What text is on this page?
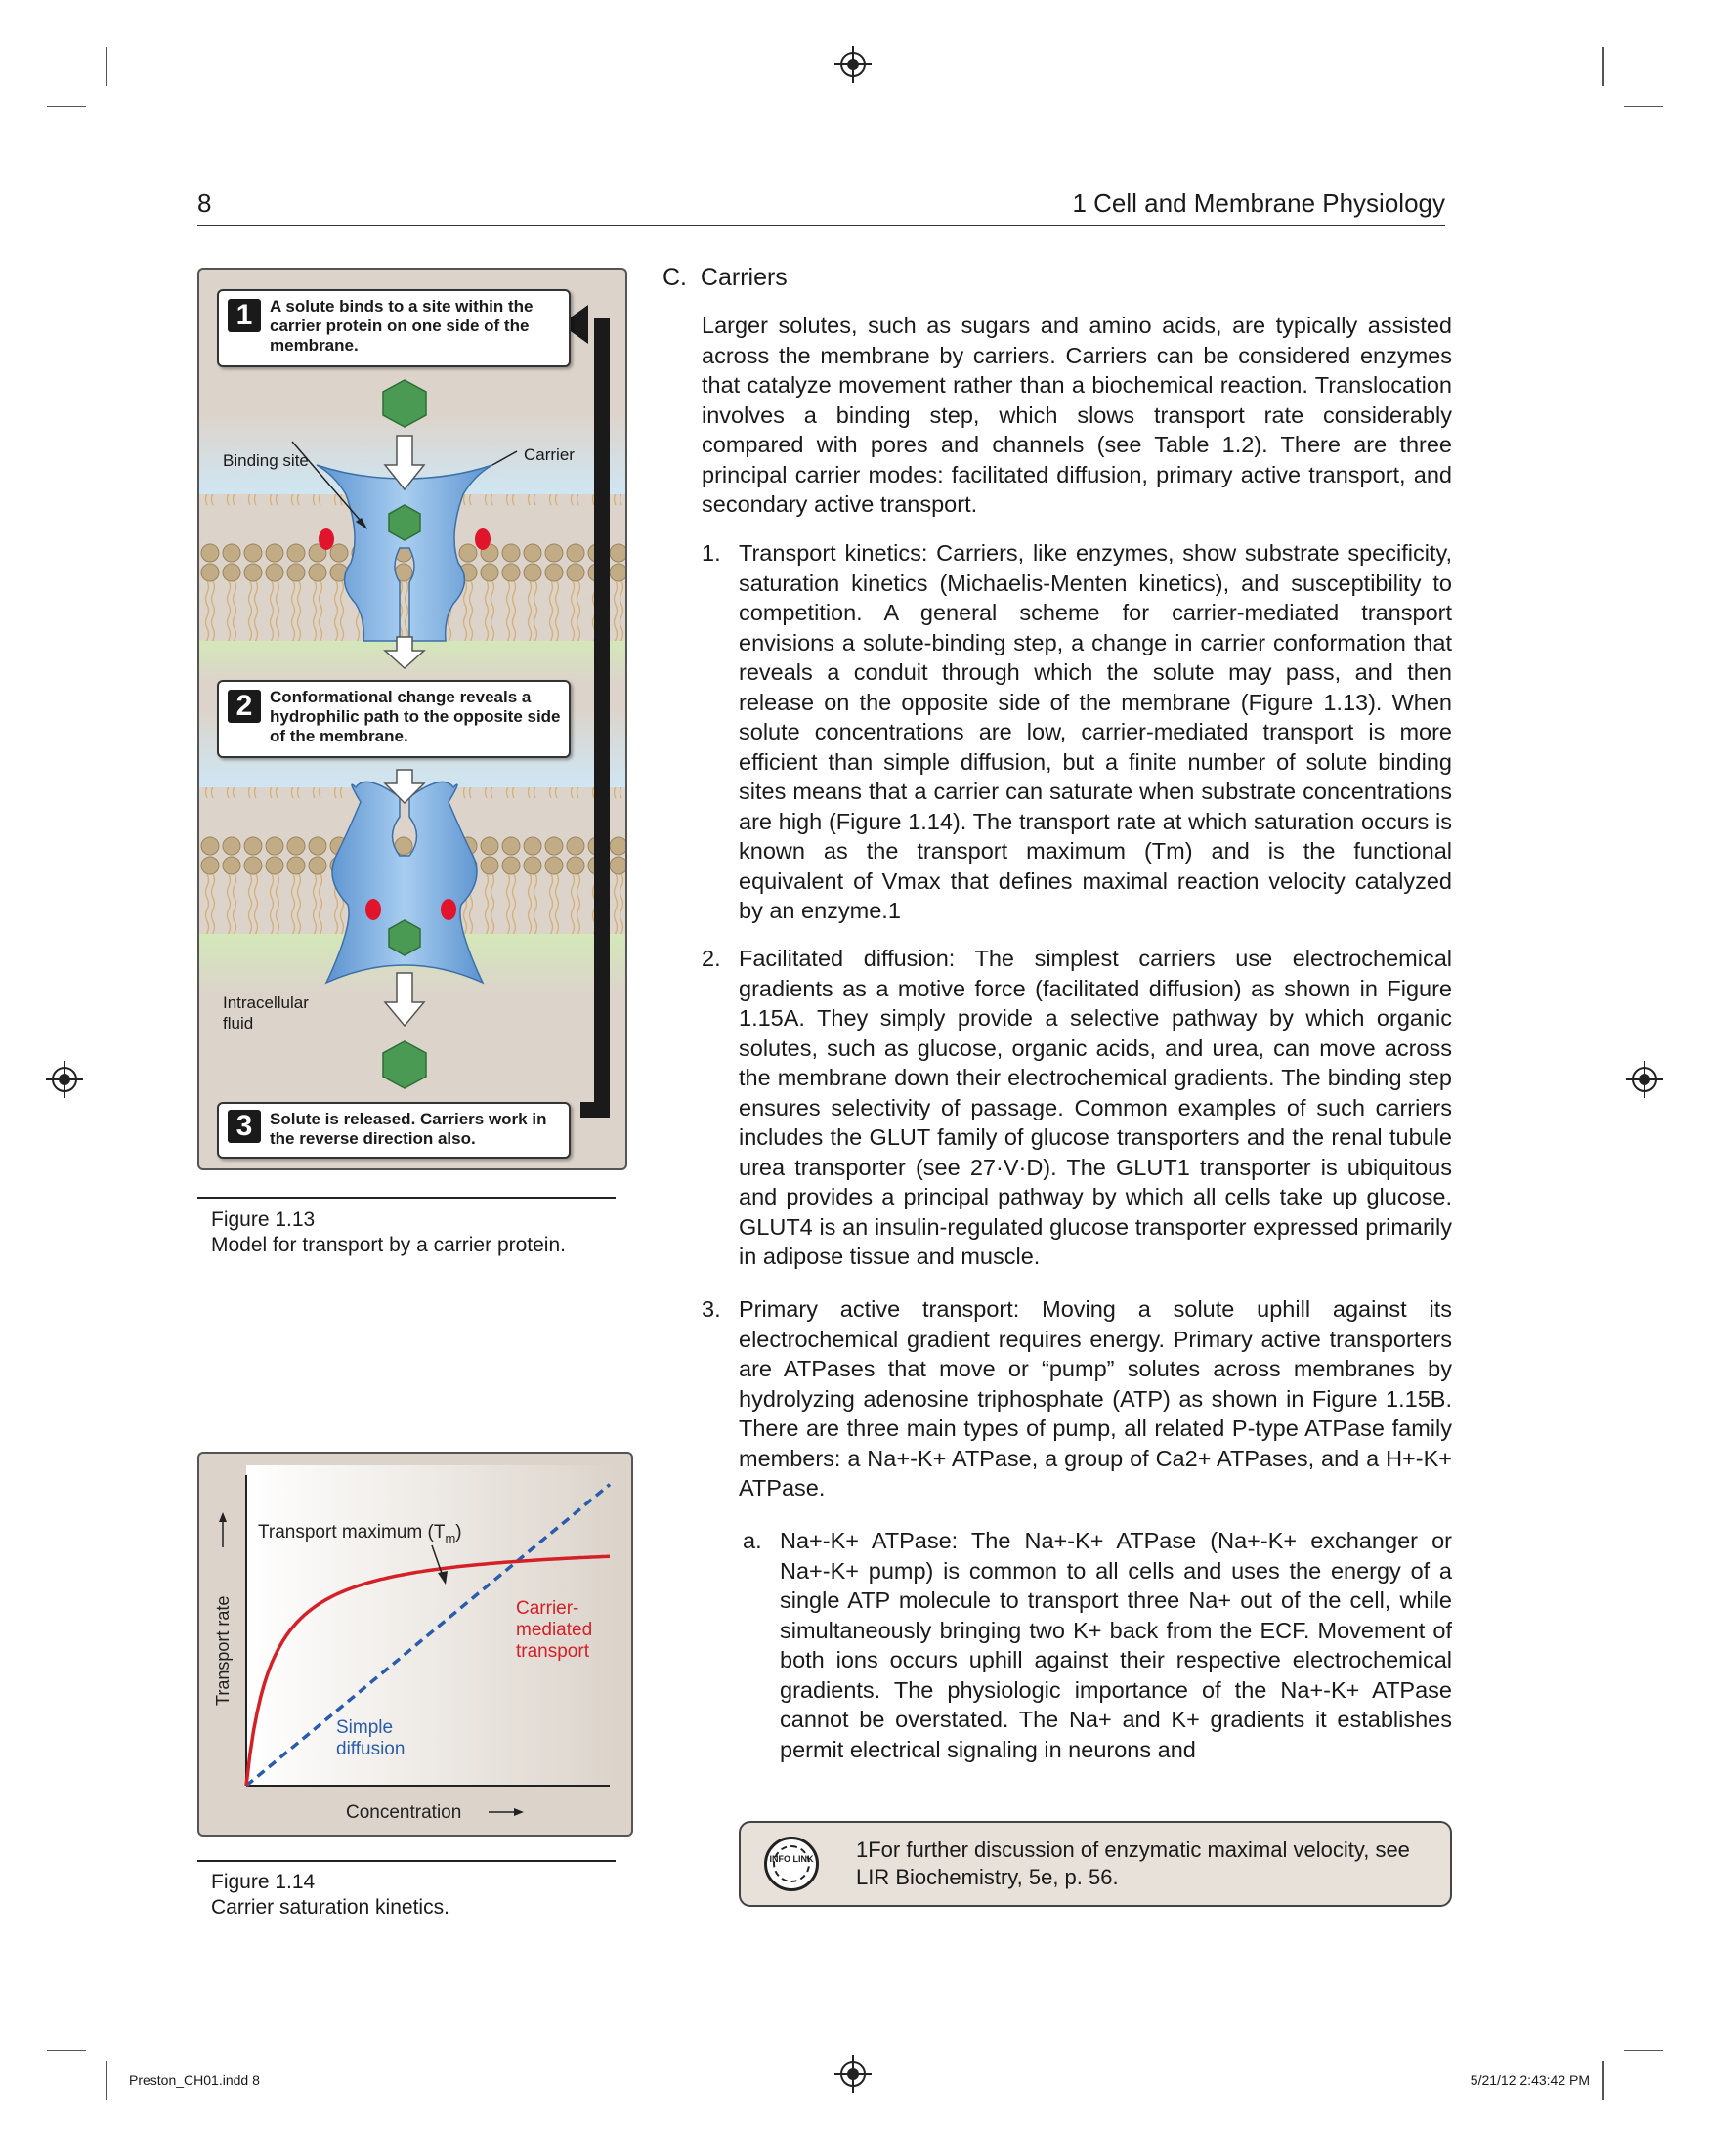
8	1 Cell and Membrane Physiology
Binding site	Carrier
Intracellular
fluid
1	A solute binds to a site within the carrier protein on one side of the membrane.
2	Conformational change reveals a hydrophilic path to the opposite side of the membrane.
3	Solute is released. Carriers work in the reverse direction also.
Figure 1.13
Model for transport by a carrier protein.
Transport maximum $(T_m)$
Carrier- mediated transport
Simple diffusion
Transport rate
Concentration
Figure 1.14
Carrier saturation kinetics.
C. Carriers
Larger solutes, such as sugars and amino acids, are typically assisted across the membrane by carriers. Carriers can be considered enzymes that catalyze movement rather than a biochemical reaction. Translocation involves a binding step, which slows transport rate considerably compared with pores and channels (see Table 1.2). There are three principal carrier modes: facilitated diffusion, primary active transport, and secondary active transport.
1. Transport kinetics: Carriers, like enzymes, show substrate specificity, saturation kinetics (Michaelis-Menten kinetics), and susceptibility to competition. A general scheme for carrier-mediated transport envisions a solute-binding step, a change in carrier conformation that reveals a conduit through which the solute may pass, and then release on the opposite side of the membrane (Figure 1.13). When solute concentrations are low, carrier-mediated transport is more efficient than simple diffusion, but a finite number of solute binding sites means that a carrier can saturate when substrate concentrations are high (Figure 1.14). The transport rate at which saturation occurs is known as the transport maximum (Tm) and is the functional equivalent of Vmax that defines maximal reaction velocity catalyzed by an enzyme.1
2. Facilitated diffusion: The simplest carriers use electrochemical gradients as a motive force (facilitated diffusion) as shown in Figure 1.15A. They simply provide a selective pathway by which organic solutes, such as glucose, organic acids, and urea, can move across the membrane down their electrochemical gradients. The binding step ensures selectivity of passage. Common examples of such carriers includes the GLUT family of glucose transporters and the renal tubule urea transporter (see 27·V·D). The GLUT1 transporter is ubiquitous and provides a principal pathway by which all cells take up glucose. GLUT4 is an insulin-regulated glucose transporter expressed primarily in adipose tissue and muscle.
3. Primary active transport: Moving a solute uphill against its electrochemical gradient requires energy. Primary active transporters are ATPases that move or “pump” solutes across membranes by hydrolyzing adenosine triphosphate (ATP) as shown in Figure 1.15B. There are three main types of pump, all related P-type ATPase family members: a Na+-K+ ATPase, a group of Ca2+ ATPases, and a H+-K+ ATPase.
a. Na+-K+ ATPase: The Na+-K+ ATPase (Na+-K+ exchanger or Na+-K+ pump) is common to all cells and uses the energy of a single ATP molecule to transport three Na+ out of the cell, while simultaneously bringing two K+ back from the ECF. Movement of both ions occurs uphill against their respective electrochemical gradients. The physiologic importance of the Na+-K+ ATPase cannot be overstated. The Na+ and K+ gradients it establishes permit electrical signaling in neurons and
INFO LINK 1For further discussion of enzymatic maximal velocity, see LIR Biochemistry, 5e, p. 56.
Preston_CH01.indd 8	5/21/12 2:43:42 PM
